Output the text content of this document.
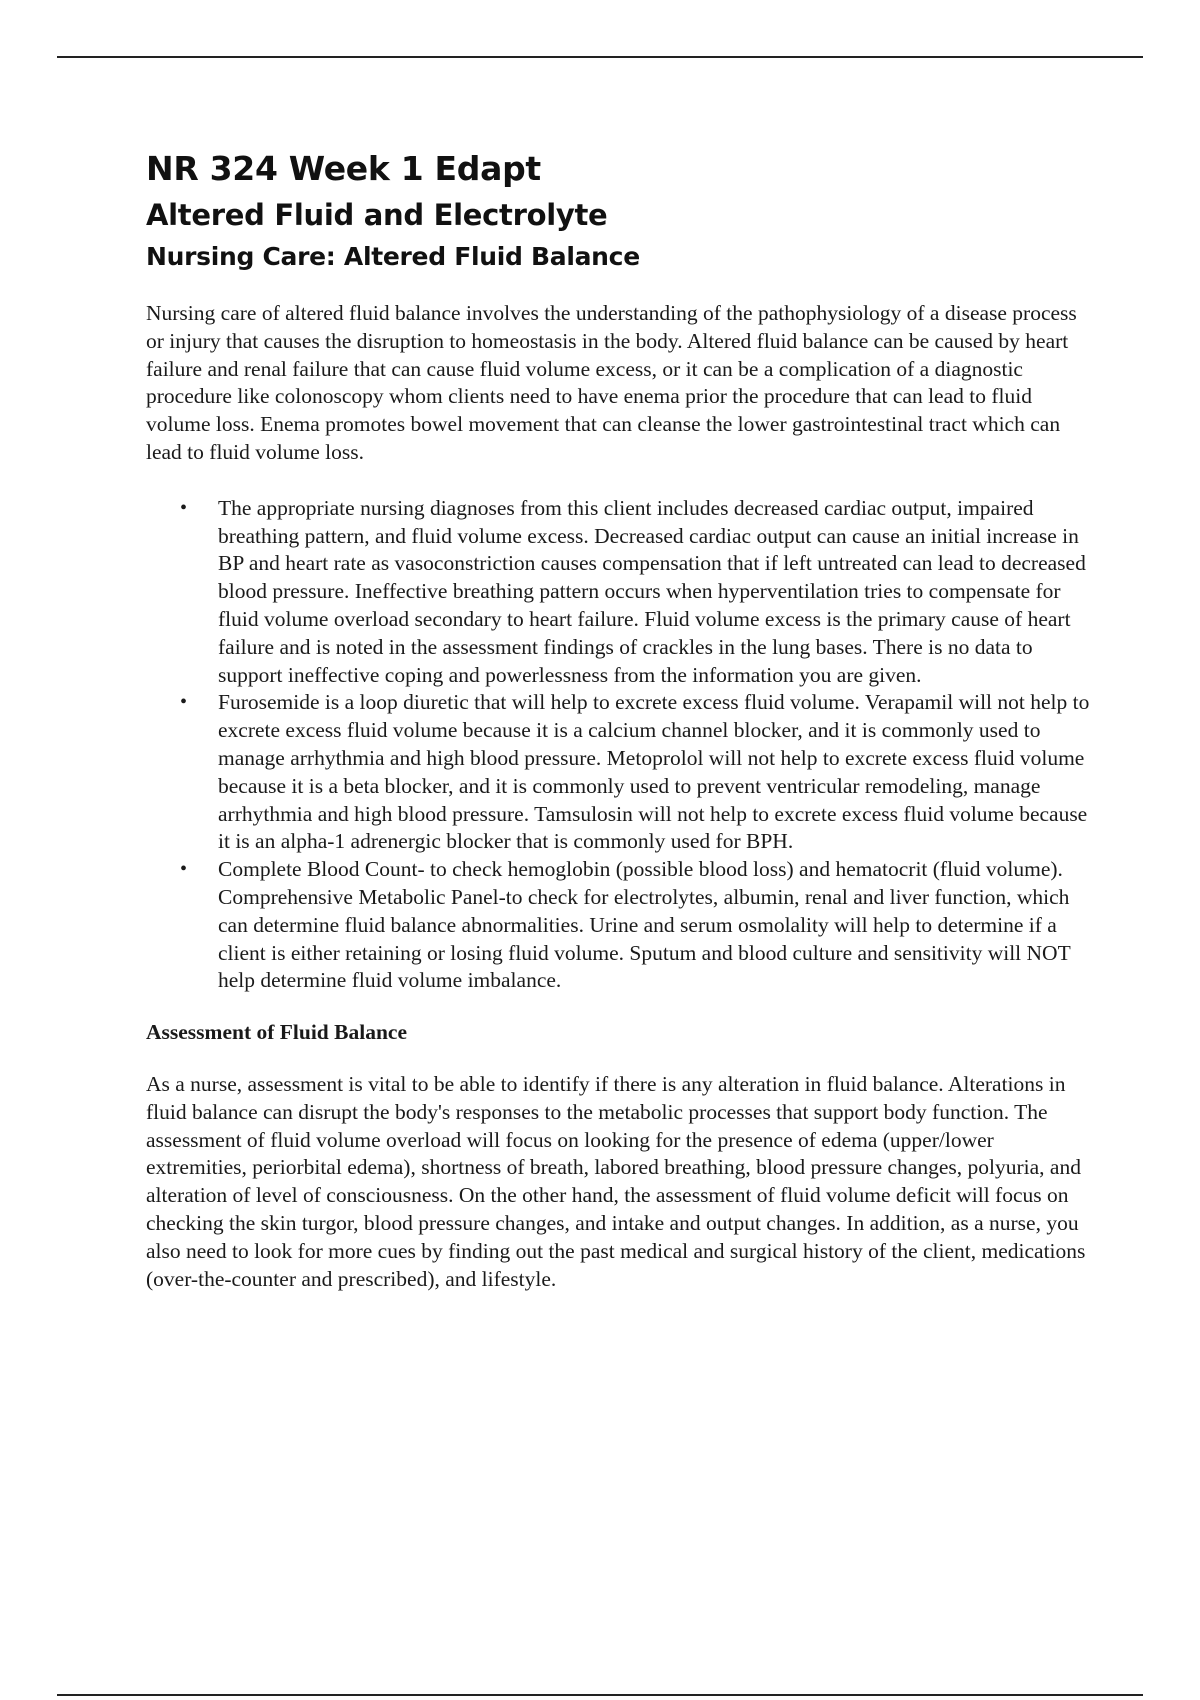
NR 324 Week 1 Edapt
Altered Fluid and Electrolyte
Nursing Care: Altered Fluid Balance

Nursing care of altered fluid balance involves the understanding of the pathophysiology of a disease process or injury that causes the disruption to homeostasis in the body. Altered fluid balance can be caused by heart failure and renal failure that can cause fluid volume excess, or it can be a complication of a diagnostic procedure like colonoscopy whom clients need to have enema prior the procedure that can lead to fluid volume loss. Enema promotes bowel movement that can cleanse the lower gastrointestinal tract which can lead to fluid volume loss.

• The appropriate nursing diagnoses from this client includes decreased cardiac output, impaired breathing pattern, and fluid volume excess. Decreased cardiac output can cause an initial increase in BP and heart rate as vasoconstriction causes compensation that if left untreated can lead to decreased blood pressure. Ineffective breathing pattern occurs when hyperventilation tries to compensate for fluid volume overload secondary to heart failure. Fluid volume excess is the primary cause of heart failure and is noted in the assessment findings of crackles in the lung bases. There is no data to support ineffective coping and powerlessness from the information you are given.
• Furosemide is a loop diuretic that will help to excrete excess fluid volume. Verapamil will not help to excrete excess fluid volume because it is a calcium channel blocker, and it is commonly used to manage arrhythmia and high blood pressure. Metoprolol will not help to excrete excess fluid volume because it is a beta blocker, and it is commonly used to prevent ventricular remodeling, manage arrhythmia and high blood pressure. Tamsulosin will not help to excrete excess fluid volume because it is an alpha-1 adrenergic blocker that is commonly used for BPH.
• Complete Blood Count- to check hemoglobin (possible blood loss) and hematocrit (fluid volume). Comprehensive Metabolic Panel-to check for electrolytes, albumin, renal and liver function, which can determine fluid balance abnormalities. Urine and serum osmolality will help to determine if a client is either retaining or losing fluid volume. Sputum and blood culture and sensitivity will NOT help determine fluid volume imbalance.
Assessment of Fluid Balance

As a nurse, assessment is vital to be able to identify if there is any alteration in fluid balance. Alterations in fluid balance can disrupt the body's responses to the metabolic processes that support body function. The assessment of fluid volume overload will focus on looking for the presence of edema (upper/lower extremities, periorbital edema), shortness of breath, labored breathing, blood pressure changes, polyuria, and alteration of level of consciousness. On the other hand, the assessment of fluid volume deficit will focus on checking the skin turgor, blood pressure changes, and intake and output changes. In addition, as a nurse, you also need to look for more cues by finding out the past medical and surgical history of the client, medications (over-the-counter and prescribed), and lifestyle.
